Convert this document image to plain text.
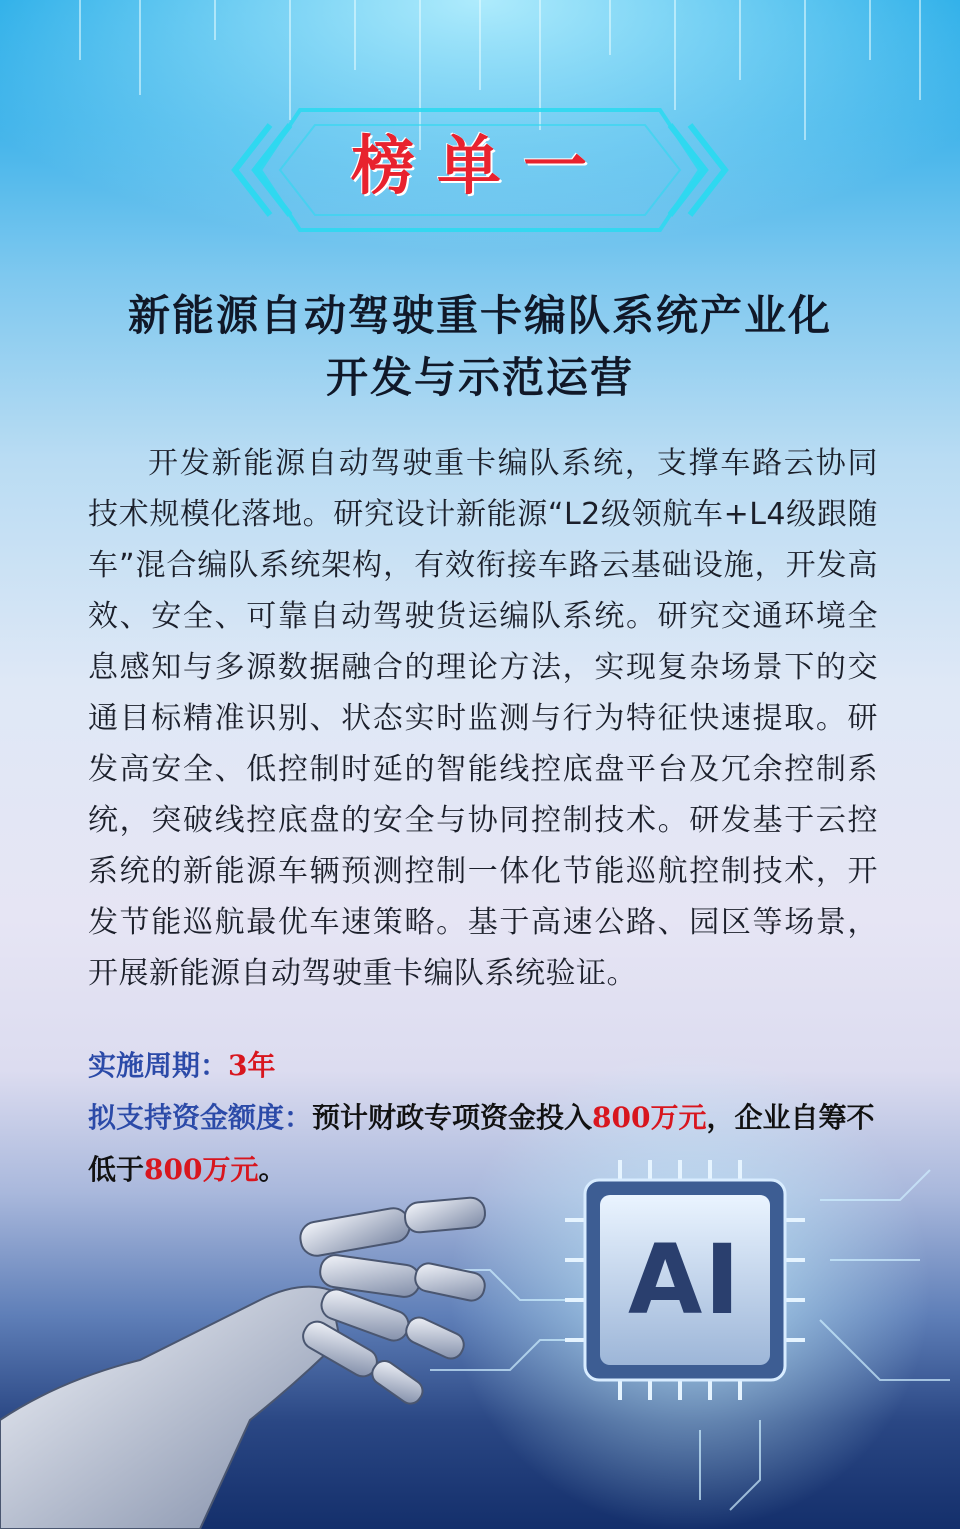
榜单一
新能源自动驾驶重卡编队系统产业化
开发与示范运营
开发新能源自动驾驶重卡编队系统，支撑车路云协同技术规模化落地。研究设计新能源“L2级领航车+L4级跟随车”混合编队系统架构，有效衔接车路云基础设施，开发高效、安全、可靠自动驾驶货运编队系统。研究交通环境全息感知与多源数据融合的理论方法，实现复杂场景下的交通目标精准识别、状态实时监测与行为特征快速提取。研发高安全、低控制时延的智能线控底盘平台及冗余控制系统，突破线控底盘的安全与协同控制技术。研发基于云控系统的新能源车辆预测控制一体化节能巡航控制技术，开发节能巡航最优车速策略。基于高速公路、园区等场景，开展新能源自动驾驶重卡编队系统验证。
实施周期：3年
拟支持资金额度：预计财政专项资金投入800万元，企业自筹不低于800万元。
AI
